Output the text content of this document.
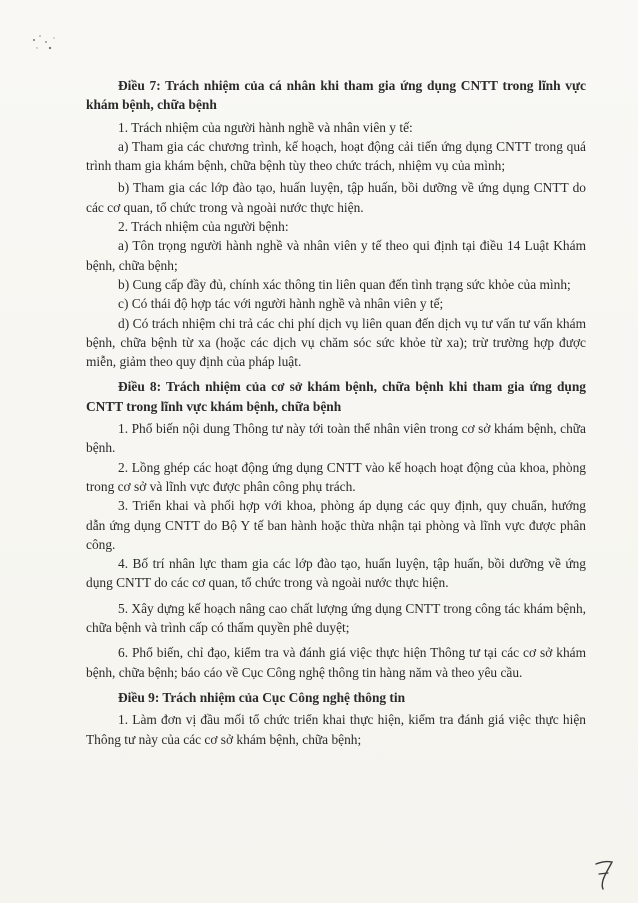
Điều 7: Trách nhiệm của cá nhân khi tham gia ứng dụng CNTT trong lĩnh vực khám bệnh, chữa bệnh

1. Trách nhiệm của người hành nghề và nhân viên y tế:

a) Tham gia các chương trình, kế hoạch, hoạt động cải tiến ứng dụng CNTT trong quá trình tham gia khám bệnh, chữa bệnh tùy theo chức trách, nhiệm vụ của mình;

b) Tham gia các lớp đào tạo, huấn luyện, tập huấn, bồi dưỡng về ứng dụng CNTT do các cơ quan, tổ chức trong và ngoài nước thực hiện.

2. Trách nhiệm của người bệnh:

a) Tôn trọng người hành nghề và nhân viên y tế theo qui định tại điều 14 Luật Khám bệnh, chữa bệnh;

b) Cung cấp đầy đủ, chính xác thông tin liên quan đến tình trạng sức khỏe của mình;

c) Có thái độ hợp tác với người hành nghề và nhân viên y tế;

d) Có trách nhiệm chi trả các chi phí dịch vụ liên quan đến dịch vụ tư vấn tư vấn khám bệnh, chữa bệnh từ xa (hoặc các dịch vụ chăm sóc sức khỏe từ xa); trừ trường hợp được miễn, giảm theo quy định của pháp luật.

Điều 8: Trách nhiệm của cơ sở khám bệnh, chữa bệnh khi tham gia ứng dụng CNTT trong lĩnh vực khám bệnh, chữa bệnh

1. Phổ biến nội dung Thông tư này tới toàn thể nhân viên trong cơ sở khám bệnh, chữa bệnh.

2. Lồng ghép các hoạt động ứng dụng CNTT vào kế hoạch hoạt động của khoa, phòng trong cơ sở và lĩnh vực được phân công phụ trách.

3. Triển khai và phối hợp với khoa, phòng áp dụng các quy định, quy chuẩn, hướng dẫn ứng dụng CNTT do Bộ Y tế ban hành hoặc thừa nhận tại phòng và lĩnh vực được phân công.

4. Bố trí nhân lực tham gia các lớp đào tạo, huấn luyện, tập huấn, bồi dưỡng về ứng dụng CNTT do các cơ quan, tổ chức trong và ngoài nước thực hiện.

5. Xây dựng kế hoạch nâng cao chất lượng ứng dụng CNTT trong công tác khám bệnh, chữa bệnh và trình cấp có thẩm quyền phê duyệt;

6. Phổ biến, chỉ đạo, kiểm tra và đánh giá việc thực hiện Thông tư tại các cơ sở khám bệnh, chữa bệnh; báo cáo về Cục Công nghệ thông tin hàng năm và theo yêu cầu.

Điều 9: Trách nhiệm của Cục Công nghệ thông tin

1. Làm đơn vị đầu mối tổ chức triển khai thực hiện, kiểm tra đánh giá việc thực hiện Thông tư này của các cơ sở khám bệnh, chữa bệnh;
